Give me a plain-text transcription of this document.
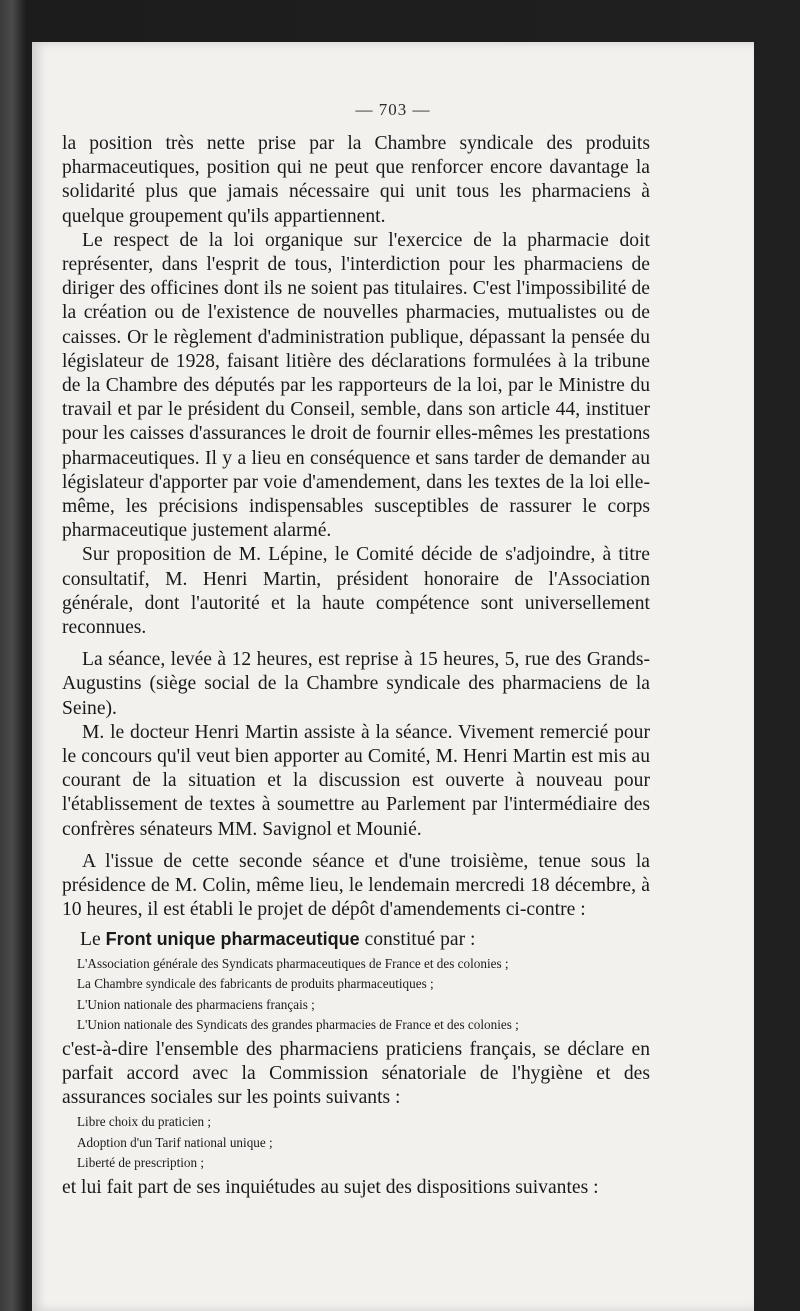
— 703 —

la position très nette prise par la Chambre syndicale des produits pharmaceutiques, position qui ne peut que renforcer encore davantage la solidarité plus que jamais nécessaire qui unit tous les pharmaciens à quelque groupement qu'ils appartiennent.

Le respect de la loi organique sur l'exercice de la pharmacie doit représenter, dans l'esprit de tous, l'interdiction pour les pharmaciens de diriger des officines dont ils ne soient pas titulaires. C'est l'impossibilité de la création ou de l'existence de nouvelles pharmacies, mutualistes ou de caisses. Or le règlement d'administration publique, dépassant la pensée du législateur de 1928, faisant litière des déclarations formulées à la tribune de la Chambre des députés par les rapporteurs de la loi, par le Ministre du travail et par le président du Conseil, semble, dans son article 44, instituer pour les caisses d'assurances le droit de fournir elles-mêmes les prestations pharmaceutiques. Il y a lieu en conséquence et sans tarder de demander au législateur d'apporter par voie d'amendement, dans les textes de la loi elle-même, les précisions indispensables susceptibles de rassurer le corps pharmaceutique justement alarmé.

Sur proposition de M. Lépine, le Comité décide de s'adjoindre, à titre consultatif, M. Henri Martin, président honoraire de l'Association générale, dont l'autorité et la haute compétence sont universellement reconnues.

La séance, levée à 12 heures, est reprise à 15 heures, 5, rue des Grands-Augustins (siège social de la Chambre syndicale des pharmaciens de la Seine).

M. le docteur Henri Martin assiste à la séance. Vivement remercié pour le concours qu'il veut bien apporter au Comité, M. Henri Martin est mis au courant de la situation et la discussion est ouverte à nouveau pour l'établissement de textes à soumettre au Parlement par l'intermédiaire des confrères sénateurs MM. Savignol et Mounié.

A l'issue de cette seconde séance et d'une troisième, tenue sous la présidence de M. Colin, même lieu, le lendemain mercredi 18 décembre, à 10 heures, il est établi le projet de dépôt d'amendements ci-contre :

Le Front unique pharmaceutique constitué par :

L'Association générale des Syndicats pharmaceutiques de France et des colonies ;
La Chambre syndicale des fabricants de produits pharmaceutiques ;
L'Union nationale des pharmaciens français ;
L'Union nationale des Syndicats des grandes pharmacies de France et des colonies ;

c'est-à-dire l'ensemble des pharmaciens praticiens français, se déclare en parfait accord avec la Commission sénatoriale de l'hygiène et des assurances sociales sur les points suivants :

Libre choix du praticien ;
Adoption d'un Tarif national unique ;
Liberté de prescription ;

et lui fait part de ses inquiétudes au sujet des dispositions suivantes :
